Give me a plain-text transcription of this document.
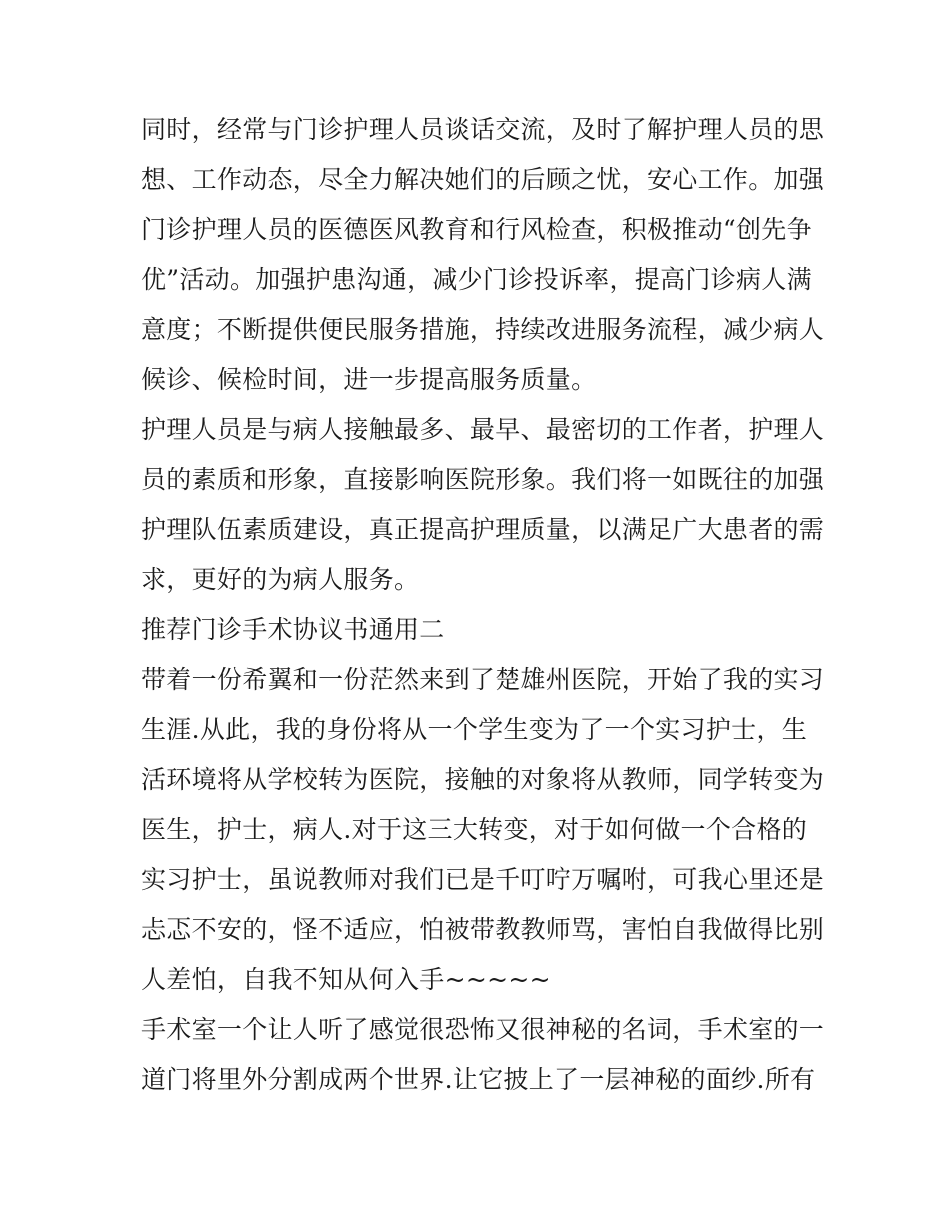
同时，经常与门诊护理人员谈话交流，及时了解护理人员的思
想、工作动态，尽全力解决她们的后顾之忧，安心工作。加强
门诊护理人员的医德医风教育和行风检查，积极推动“创先争
优”活动。加强护患沟通，减少门诊投诉率，提高门诊病人满
意度；不断提供便民服务措施，持续改进服务流程，减少病人
候诊、候检时间，进一步提高服务质量。
护理人员是与病人接触最多、最早、最密切的工作者，护理人
员的素质和形象，直接影响医院形象。我们将一如既往的加强
护理队伍素质建设，真正提高护理质量，以满足广大患者的需
求，更好的为病人服务。
推荐门诊手术协议书通用二
带着一份希翼和一份茫然来到了楚雄州医院，开始了我的实习
生涯.从此，我的身份将从一个学生变为了一个实习护士，生
活环境将从学校转为医院，接触的对象将从教师，同学转变为
医生，护士，病人.对于这三大转变，对于如何做一个合格的
实习护士，虽说教师对我们已是千叮咛万嘱咐，可我心里还是
忐忑不安的，怪不适应，怕被带教教师骂，害怕自我做得比别
人差怕，自我不知从何入手~~~~~
手术室一个让人听了感觉很恐怖又很神秘的名词，手术室的一
道门将里外分割成两个世界.让它披上了一层神秘的面纱.所有
